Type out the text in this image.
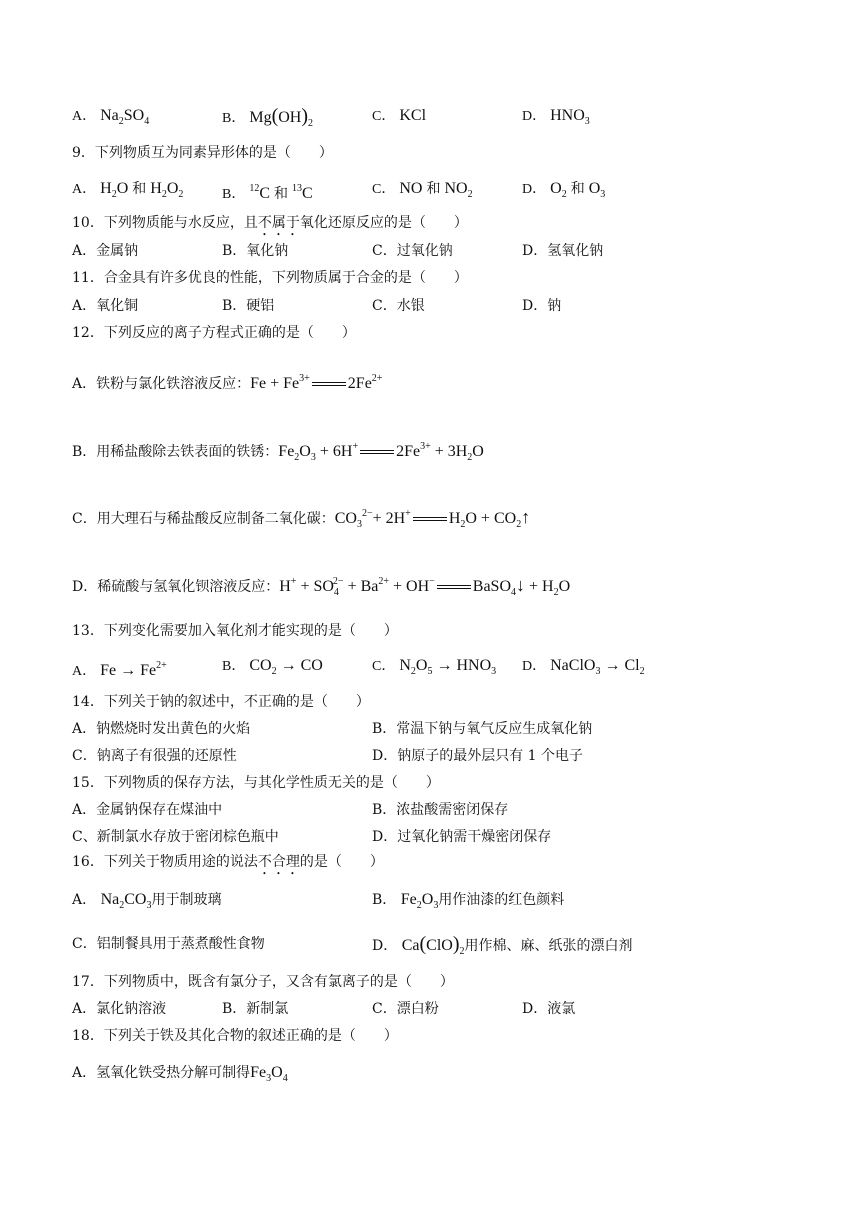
A． $Na_2SO_4$	B． $Mg(OH)_2$	C． KCl	D． $HNO_3$
9．下列物质互为同素异形体的是（　　）
A． $H_2O$ 和 $H_2O_2$	B． $^{12}$C 和 $^{13}$C	C． NO 和 $NO_2$	D． $O_2$ 和 $O_3$
10．下列物质能与水反应，且不属于氧化还原反应的是（　　）
A．金属钠	B．氧化钠	C．过氧化钠	D．氢氧化钠
11．合金具有许多优良的性能，下列物质属于合金的是（　　）
A．氧化铜	B．硬铝	C．水银	D．钠
12．下列反应的离子方程式正确的是（　　）
A．铁粉与氯化铁溶液反应：$Fe + Fe^{3+}$ $2Fe^{2+}$
B．用稀盐酸除去铁表面的铁锈：$Fe_2O_3 + 6H^+$ $2Fe^{3+} + 3H_2O$
C．用大理石与稀盐酸反应制备二氧化碳：$CO_3^{2-}+ 2H^+$ $H_2O$ + $CO_2↑$
D．稀硫酸与氢氧化钡溶液反应：$H^+ + SO_4^{2-} + Ba^{2+} + OH^-$ BaSO$_4$↓ + $H_2O$
13．下列变化需要加入氧化剂才能实现的是（　　）
A． $Fe \to Fe^{2+}$	B． $CO_2$ → CO	C． $N_2O_5 \to HNO_3$ D． NaClO$_3$ → $Cl_2$
14．下列关于钠的叙述中，不正确的是（　　）
A．钠燃烧时发出黄色的火焰	B．常温下钠与氧气反应生成氧化钠
C．钠离子有很强的还原性	D．钠原子的最外层只有 1 个电子
15．下列物质的保存方法，与其化学性质无关的是（　　）
A．金属钠保存在煤油中	B．浓盐酸需密闭保存
C、新制氯水存放于密闭棕色瓶中	D．过氧化钠需干燥密闭保存
16．下列关于物质用途的说法不合理的是（　　）
A． $Na_2CO_3$用于制玻璃	B． $Fe_2O_3$用作油漆的红色颜料
C．铝制餐具用于蒸煮酸性食物	D． $Ca(ClO)_2$用作棉、麻、纸张的漂白剂
17．下列物质中，既含有氯分子，又含有氯离子的是（　　）
A．氯化钠溶液	B．新制氯	C．漂白粉	D．液氯
18．下列关于铁及其化合物的叙述正确的是（　　）
A．氢氧化铁受热分解可制得$Fe_3O_4$
